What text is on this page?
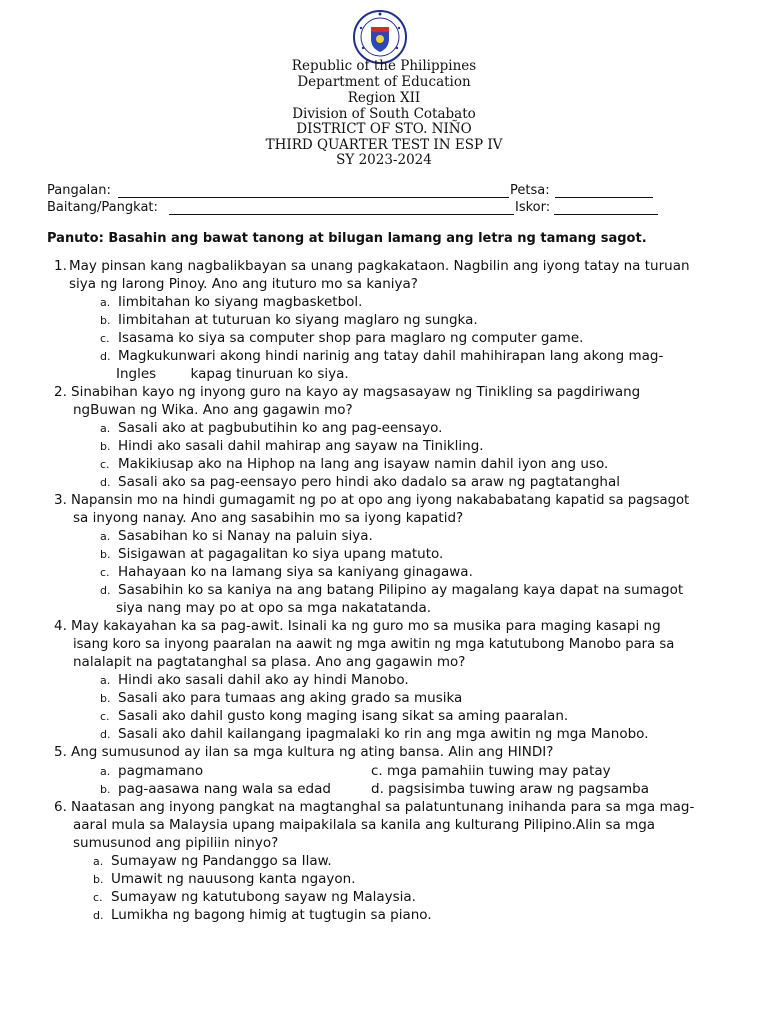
Republic of the Philippines
Department of Education
Region XII
Division of South Cotabato
DISTRICT OF STO. NIÑO
THIRD QUARTER TEST IN ESP IV
SY 2023-2024
Pangalan:	Petsa:
Baitang/Pangkat:	Iskor:
Panuto: Basahin ang bawat tanong at bilugan lamang ang letra ng tamang sagot.
1. May pinsan kang nagbalikbayan sa unang pagkakataon. Nagbilin ang iyong tatay na turuan
siya ng larong Pinoy. Ano ang ituturo mo sa kaniya?
a. Iimbitahan ko siyang magbasketbol.
b. Iimbitahan at tuturuan ko siyang maglaro ng sungka.
c. Isasama ko siya sa computer shop para maglaro ng computer game.
d. Magkukunwari akong hindi narinig ang tatay dahil mahihirapan lang akong mag-
Ingles        kapag tinuruan ko siya.
2. Sinabihan kayo ng inyong guro na kayo ay magsasayaw ng Tinikling sa pagdiriwang
ngBuwan ng Wika. Ano ang gagawin mo?
a. Sasali ako at pagbubutihin ko ang pag-eensayo.
b. Hindi ako sasali dahil mahirap ang sayaw na Tinikling.
c. Makikiusap ako na Hiphop na lang ang isayaw namin dahil iyon ang uso.
d. Sasali ako sa pag-eensayo pero hindi ako dadalo sa araw ng pagtatanghal
3. Napansin mo na hindi gumagamit ng po at opo ang iyong nakababatang kapatid sa pagsagot
sa inyong nanay. Ano ang sasabihin mo sa iyong kapatid?
a. Sasabihan ko si Nanay na paluin siya.
b. Sisigawan at pagagalitan ko siya upang matuto.
c. Hahayaan ko na lamang siya sa kaniyang ginagawa.
d. Sasabihin ko sa kaniya na ang batang Pilipino ay magalang kaya dapat na sumagot
siya nang may po at opo sa mga nakatatanda.
4. May kakayahan ka sa pag-awit. Isinali ka ng guro mo sa musika para maging kasapi ng
isang koro sa inyong paaralan na aawit ng mga awitin ng mga katutubong Manobo para sa
nalalapit na pagtatanghal sa plasa. Ano ang gagawin mo?
a. Hindi ako sasali dahil ako ay hindi Manobo.
b. Sasali ako para tumaas ang aking grado sa musika
c. Sasali ako dahil gusto kong maging isang sikat sa aming paaralan.
d. Sasali ako dahil kailangang ipagmalaki ko rin ang mga awitin ng mga Manobo.
5. Ang sumusunod ay ilan sa mga kultura ng ating bansa. Alin ang HINDI?
a. pagmamano
b. pag-aasawa nang wala sa edad
c. mga pamahiin tuwing may patay
d. pagsisimba tuwing araw ng pagsamba
6. Naatasan ang inyong pangkat na magtanghal sa palatuntunang inihanda para sa mga mag-
aaral mula sa Malaysia upang maipakilala sa kanila ang kulturang Pilipino.Alin sa mga
sumusunod ang pipiliin ninyo?
a. Sumayaw ng Pandanggo sa Ilaw.
b. Umawit ng nauusong kanta ngayon.
c. Sumayaw ng katutubong sayaw ng Malaysia.
d. Lumikha ng bagong himig at tugtugin sa piano.
